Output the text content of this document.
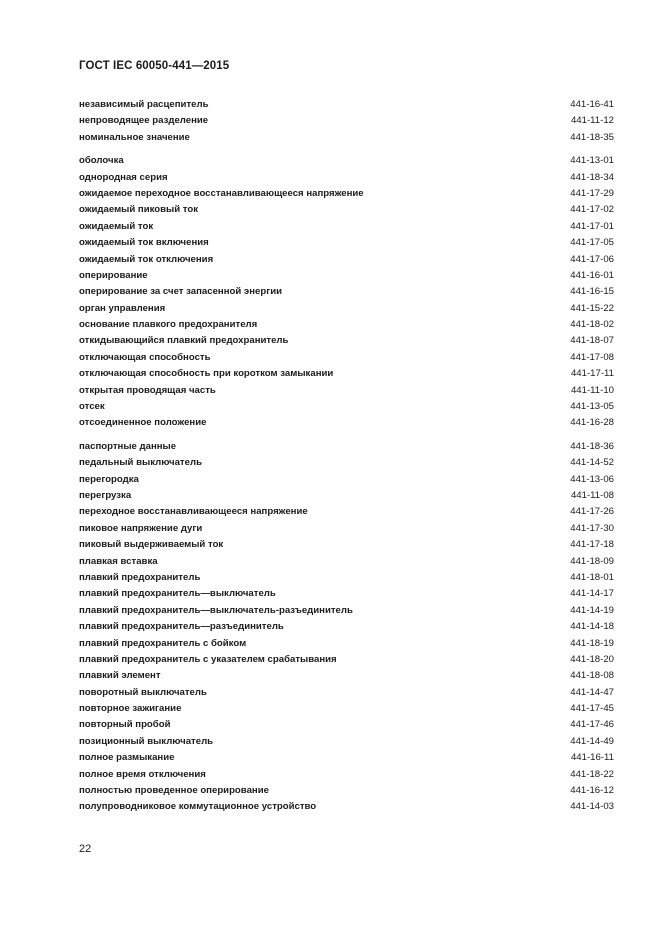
ГОСТ IEC 60050-441—2015
независимый расцепитель	441-16-41
непроводящее разделение	441-11-12
номинальное значение	441-18-35
оболочка	441-13-01
однородная серия	441-18-34
ожидаемое переходное восстанавливающееся напряжение	441-17-29
ожидаемый пиковый ток	441-17-02
ожидаемый ток	441-17-01
ожидаемый ток включения	441-17-05
ожидаемый ток отключения	441-17-06
оперирование	441-16-01
оперирование за счет запасенной энергии	441-16-15
орган управления	441-15-22
основание плавкого предохранителя	441-18-02
откидывающийся плавкий предохранитель	441-18-07
отключающая способность	441-17-08
отключающая способность при коротком замыкании	441-17-11
открытая проводящая часть	441-11-10
отсек	441-13-05
отсоединенное положение	441-16-28
паспортные данные	441-18-36
педальный выключатель	441-14-52
перегородка	441-13-06
перегрузка	441-11-08
переходное восстанавливающееся напряжение	441-17-26
пиковое напряжение дуги	441-17-30
пиковый выдерживаемый ток	441-17-18
плавкая вставка	441-18-09
плавкий предохранитель	441-18-01
плавкий предохранитель—выключатель	441-14-17
плавкий предохранитель—выключатель-разъединитель	441-14-19
плавкий предохранитель—разъединитель	441-14-18
плавкий предохранитель с бойком	441-18-19
плавкий предохранитель с указателем срабатывания	441-18-20
плавкий элемент	441-18-08
поворотный выключатель	441-14-47
повторное зажигание	441-17-45
повторный пробой	441-17-46
позиционный выключатель	441-14-49
полное размыкание	441-16-11
полное время отключения	441-18-22
полностью проведенное оперирование	441-16-12
полупроводниковое коммутационное устройство	441-14-03
22
